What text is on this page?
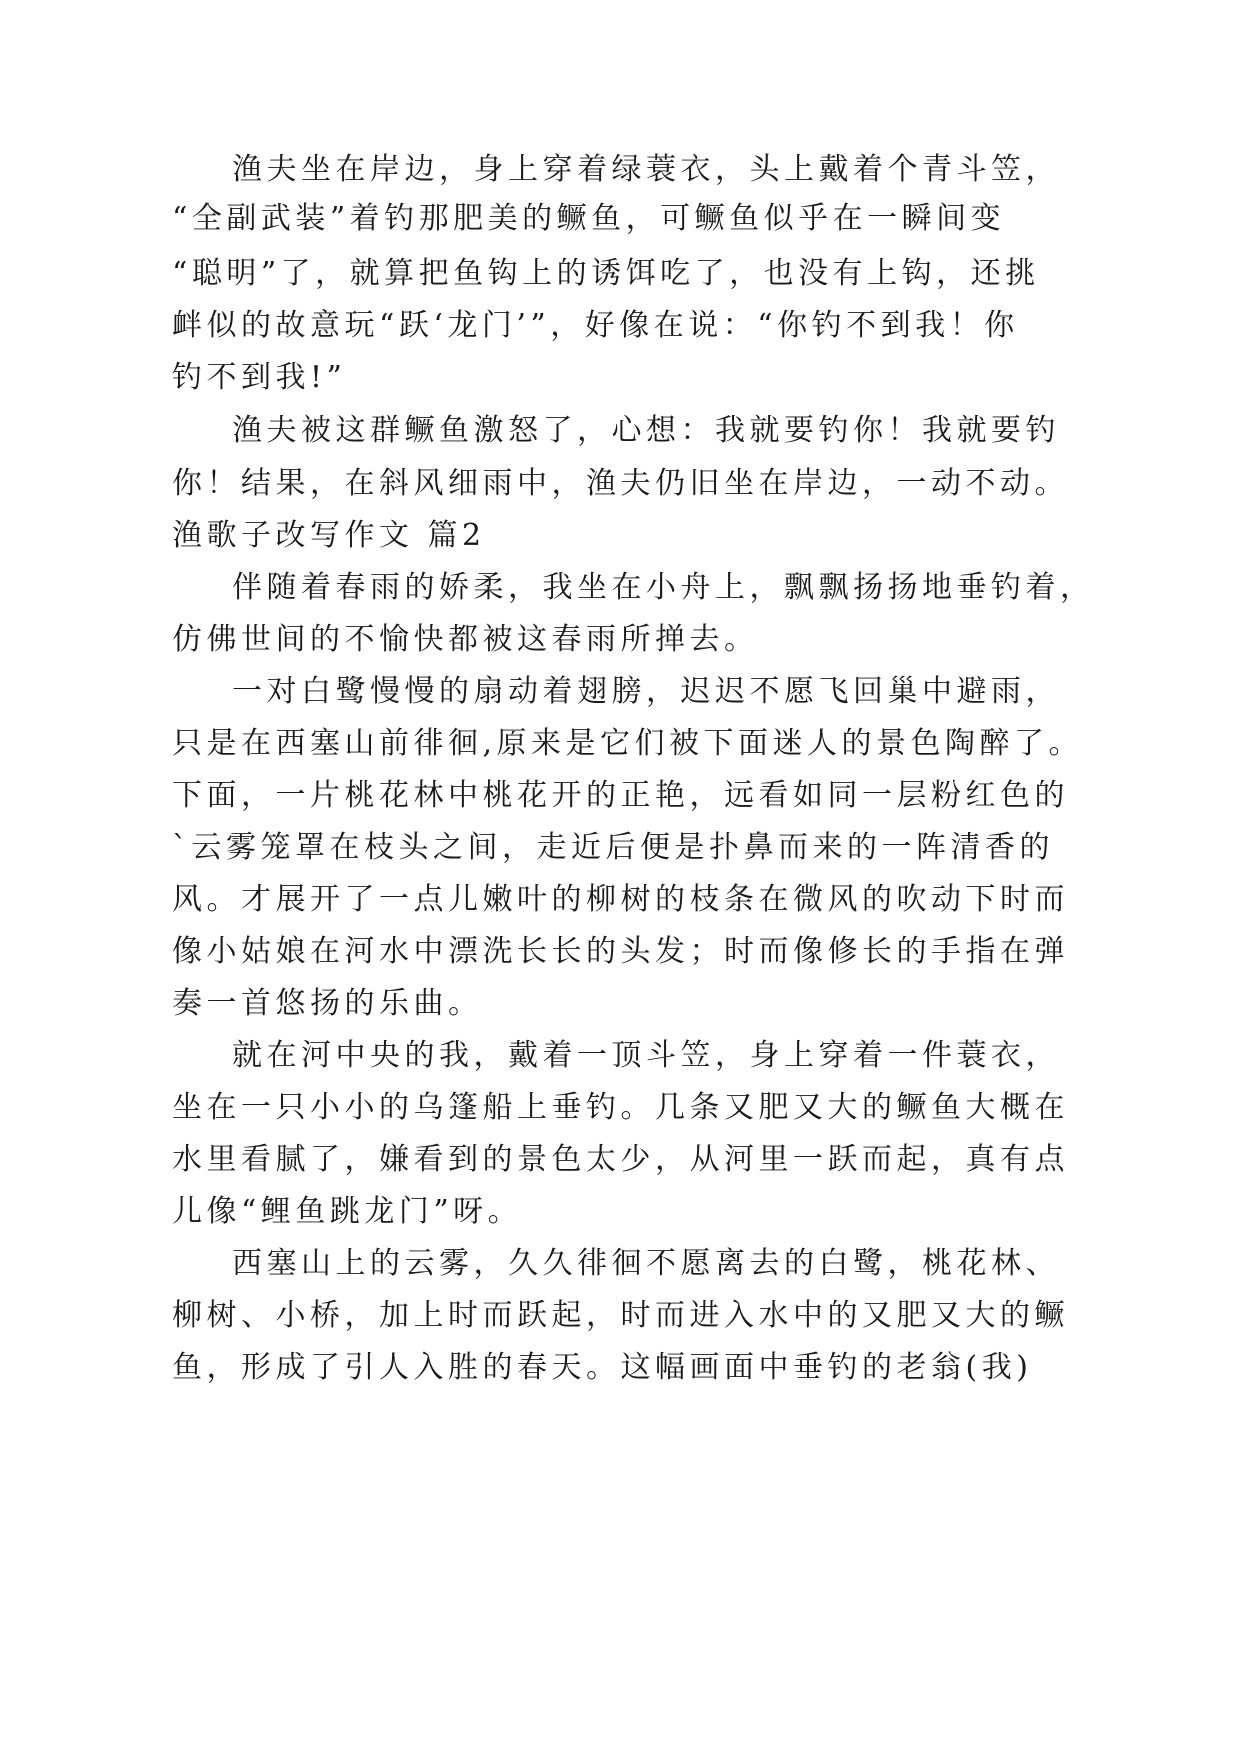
渔夫坐在岸边，身上穿着绿蓑衣，头上戴着个青斗笠，
“全副武装”着钓那肥美的鳜鱼，可鳜鱼似乎在一瞬间变
“聪明”了，就算把鱼钩上的诱饵吃了，也没有上钩，还挑
衅似的故意玩“跃‘龙门’”，好像在说：“你钓不到我！你
钓不到我!”
渔夫被这群鳜鱼激怒了，心想：我就要钓你！我就要钓
你！结果，在斜风细雨中，渔夫仍旧坐在岸边，一动不动。
渔歌子改写作文 篇2
伴随着春雨的娇柔，我坐在小舟上，飘飘扬扬地垂钓着，
仿佛世间的不愉快都被这春雨所掸去。
一对白鹭慢慢的扇动着翅膀，迟迟不愿飞回巢中避雨，
只是在西塞山前徘徊,原来是它们被下面迷人的景色陶醉了。
下面，一片桃花林中桃花开的正艳，远看如同一层粉红色的
`云雾笼罩在枝头之间，走近后便是扑鼻而来的一阵清香的
风。才展开了一点儿嫩叶的柳树的枝条在微风的吹动下时而
像小姑娘在河水中漂洗长长的头发；时而像修长的手指在弹
奏一首悠扬的乐曲。
就在河中央的我，戴着一顶斗笠，身上穿着一件蓑衣，
坐在一只小小的乌篷船上垂钓。几条又肥又大的鳜鱼大概在
水里看腻了，嫌看到的景色太少，从河里一跃而起，真有点
儿像“鲤鱼跳龙门”呀。
西塞山上的云雾，久久徘徊不愿离去的白鹭，桃花林、
柳树、小桥，加上时而跃起，时而进入水中的又肥又大的鳜
鱼，形成了引人入胜的春天。这幅画面中垂钓的老翁(我)
